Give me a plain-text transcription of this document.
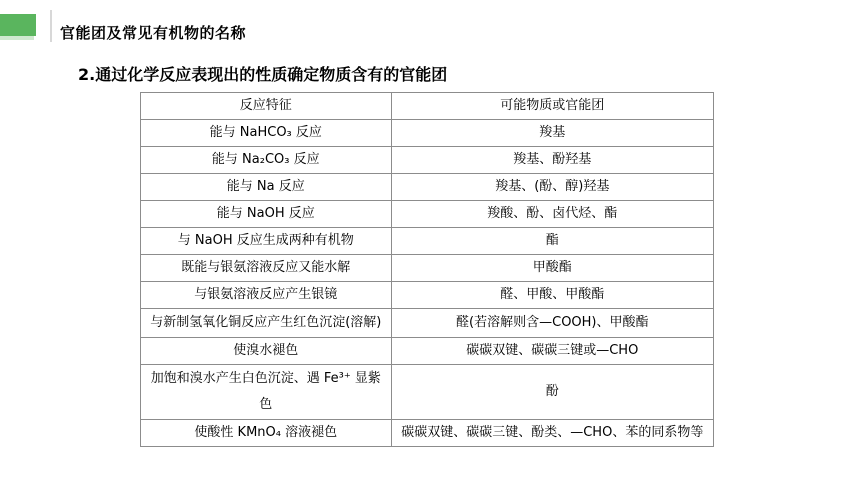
官能团及常见有机物的名称
2.通过化学反应表现出的性质确定物质含有的官能团
反应特征	可能物质或官能团
能与 NaHCO₃ 反应	羧基
能与 Na₂CO₃ 反应	羧基、酚羟基
能与 Na 反应	羧基、(酚、醇)羟基
能与 NaOH 反应	羧酸、酚、卤代烃、酯
与 NaOH 反应生成两种有机物	酯
既能与银氨溶液反应又能水解	甲酸酯
与银氨溶液反应产生银镜	醛、甲酸、甲酸酯
与新制氢氧化铜反应产生红色沉淀(溶解)	醛(若溶解则含—COOH)、甲酸酯
使溴水褪色	碳碳双键、碳碳三键或—CHO
加饱和溴水产生白色沉淀、遇 Fe³⁺ 显紫色	酚
使酸性 KMnO₄ 溶液褪色	碳碳双键、碳碳三键、酚类、—CHO、苯的同系物等
